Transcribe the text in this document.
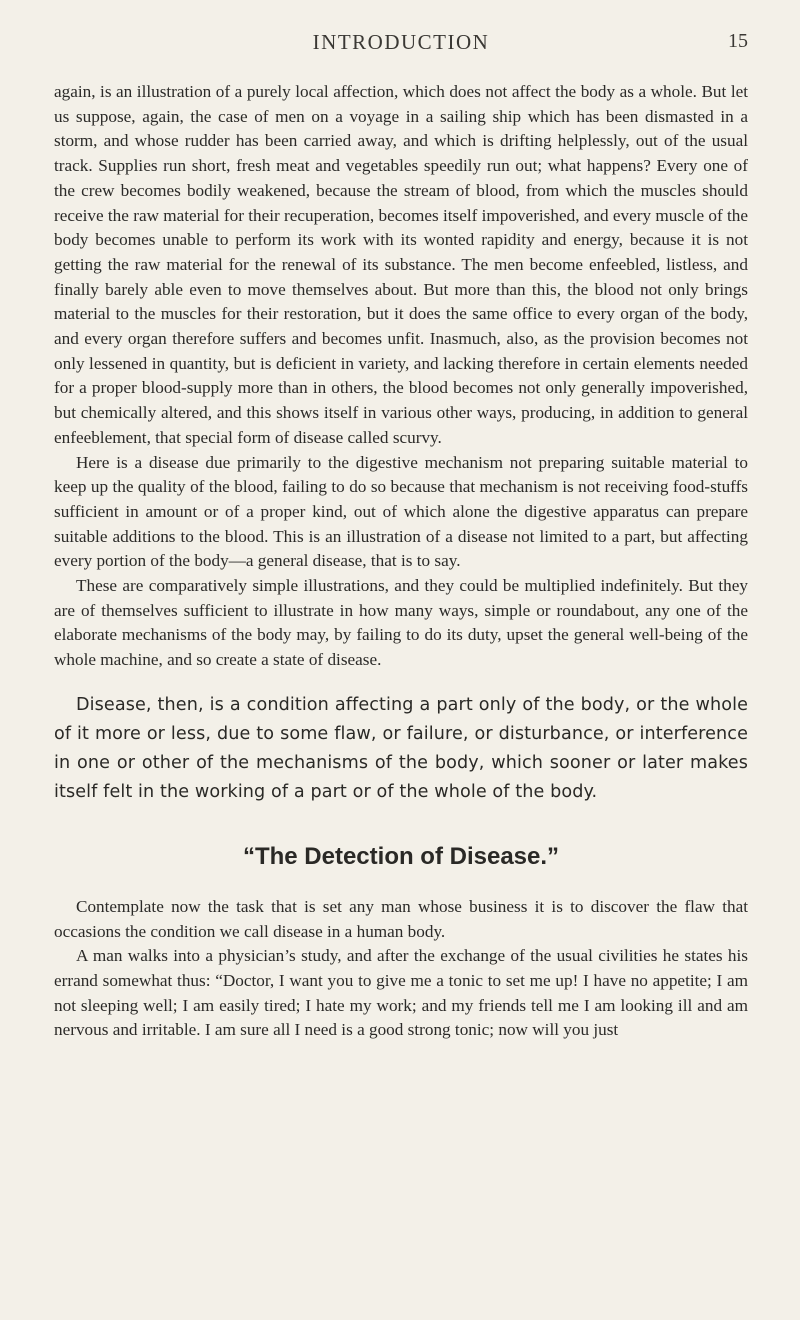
INTRODUCTION	15

again, is an illustration of a purely local affection, which does not affect the body as a whole. But let us suppose, again, the case of men on a voyage in a sailing ship which has been dismasted in a storm, and whose rudder has been carried away, and which is drifting helplessly, out of the usual track. Supplies run short, fresh meat and vegetables speedily run out; what happens? Every one of the crew becomes bodily weakened, because the stream of blood, from which the muscles should receive the raw material for their recuperation, becomes itself impoverished, and every muscle of the body becomes unable to perform its work with its wonted rapidity and energy, because it is not getting the raw material for the renewal of its substance. The men become enfeebled, listless, and finally barely able even to move themselves about. But more than this, the blood not only brings material to the muscles for their restoration, but it does the same office to every organ of the body, and every organ therefore suffers and becomes unfit. Inasmuch, also, as the provision becomes not only lessened in quantity, but is deficient in variety, and lacking therefore in certain elements needed for a proper blood-supply more than in others, the blood becomes not only generally impoverished, but chemically altered, and this shows itself in various other ways, producing, in addition to general enfeeblement, that special form of disease called scurvy.

Here is a disease due primarily to the digestive mechanism not preparing suitable material to keep up the quality of the blood, failing to do so because that mechanism is not receiving food-stuffs sufficient in amount or of a proper kind, out of which alone the digestive apparatus can prepare suitable additions to the blood. This is an illustration of a disease not limited to a part, but affecting every portion of the body—a general disease, that is to say.

These are comparatively simple illustrations, and they could be multiplied indefinitely. But they are of themselves sufficient to illustrate in how many ways, simple or roundabout, any one of the elaborate mechanisms of the body may, by failing to do its duty, upset the general well-being of the whole machine, and so create a state of disease.

Disease, then, is a condition affecting a part only of the body, or the whole of it more or less, due to some flaw, or failure, or disturbance, or interference in one or other of the mechanisms of the body, which sooner or later makes itself felt in the working of a part or of the whole of the body.
“The Detection of Disease.”

Contemplate now the task that is set any man whose business it is to discover the flaw that occasions the condition we call disease in a human body.

A man walks into a physician’s study, and after the exchange of the usual civilities he states his errand somewhat thus: “Doctor, I want you to give me a tonic to set me up! I have no appetite; I am not sleeping well; I am easily tired; I hate my work; and my friends tell me I am looking ill and am nervous and irritable. I am sure all I need is a good strong tonic; now will you just
